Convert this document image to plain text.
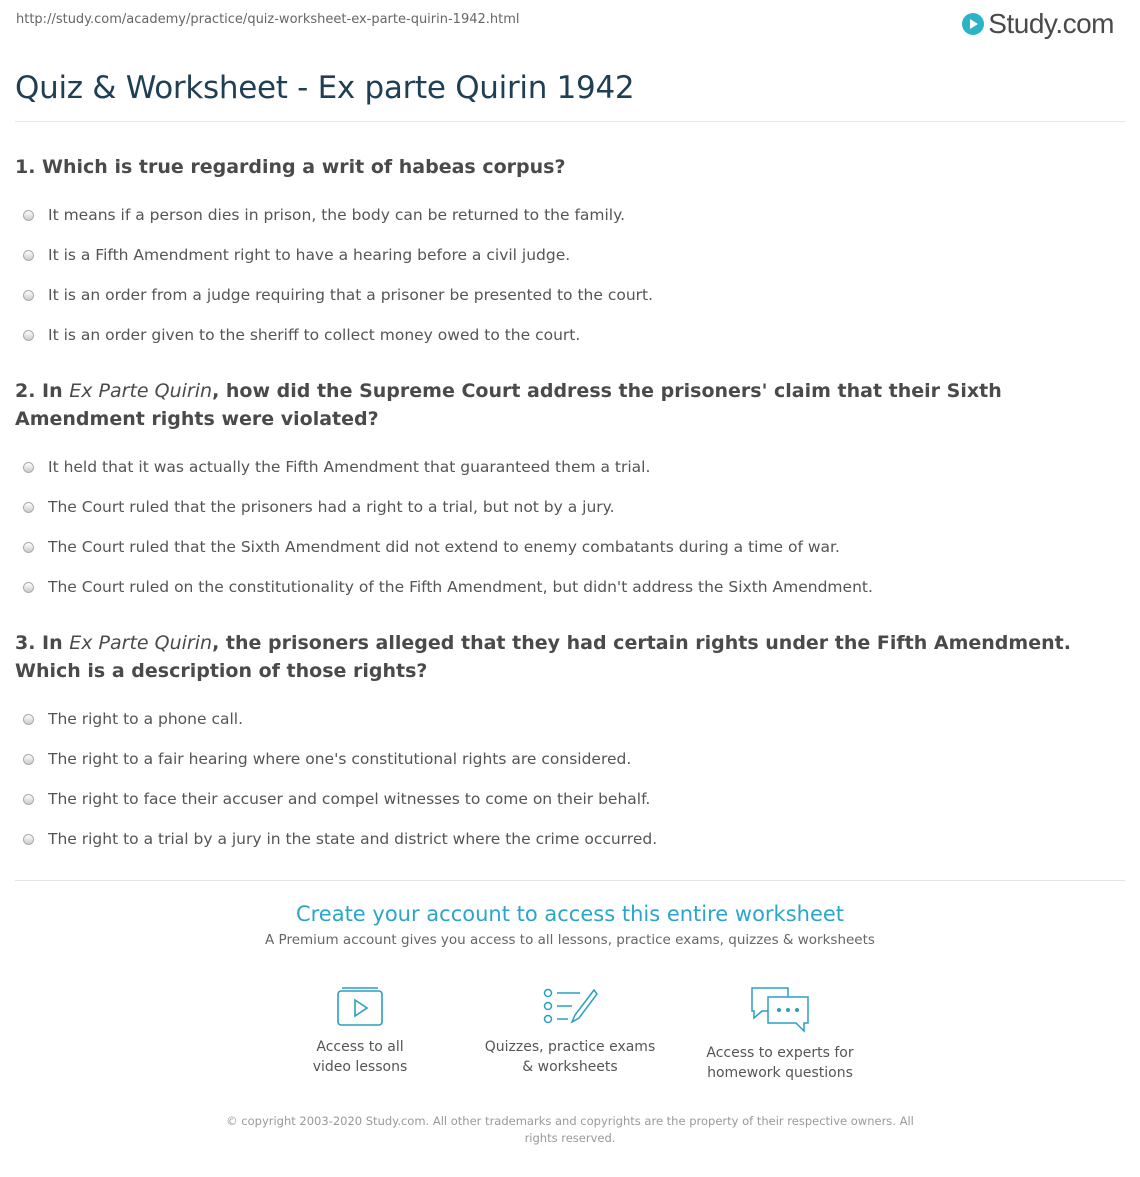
http://study.com/academy/practice/quiz-worksheet-ex-parte-quirin-1942.html	Study.com
Quiz & Worksheet - Ex parte Quirin 1942

1. Which is true regarding a writ of habeas corpus?

It means if a person dies in prison, the body can be returned to the family.
It is a Fifth Amendment right to have a hearing before a civil judge.
It is an order from a judge requiring that a prisoner be presented to the court.
It is an order given to the sheriff to collect money owed to the court.

2. In Ex Parte Quirin, how did the Supreme Court address the prisoners' claim that their Sixth Amendment rights were violated?

It held that it was actually the Fifth Amendment that guaranteed them a trial.
The Court ruled that the prisoners had a right to a trial, but not by a jury.
The Court ruled that the Sixth Amendment did not extend to enemy combatants during a time of war.
The Court ruled on the constitutionality of the Fifth Amendment, but didn't address the Sixth Amendment.

3. In Ex Parte Quirin, the prisoners alleged that they had certain rights under the Fifth Amendment. Which is a description of those rights?

The right to a phone call.
The right to a fair hearing where one's constitutional rights are considered.
The right to face their accuser and compel witnesses to come on their behalf.
The right to a trial by a jury in the state and district where the crime occurred.
Create your account to access this entire worksheet
A Premium account gives you access to all lessons, practice exams, quizzes & worksheets
Access to all
video lessons
Quizzes, practice exams
& worksheets
Access to experts for
homework questions
© copyright 2003-2020 Study.com. All other trademarks and copyrights are the property of their respective owners. All rights reserved.
